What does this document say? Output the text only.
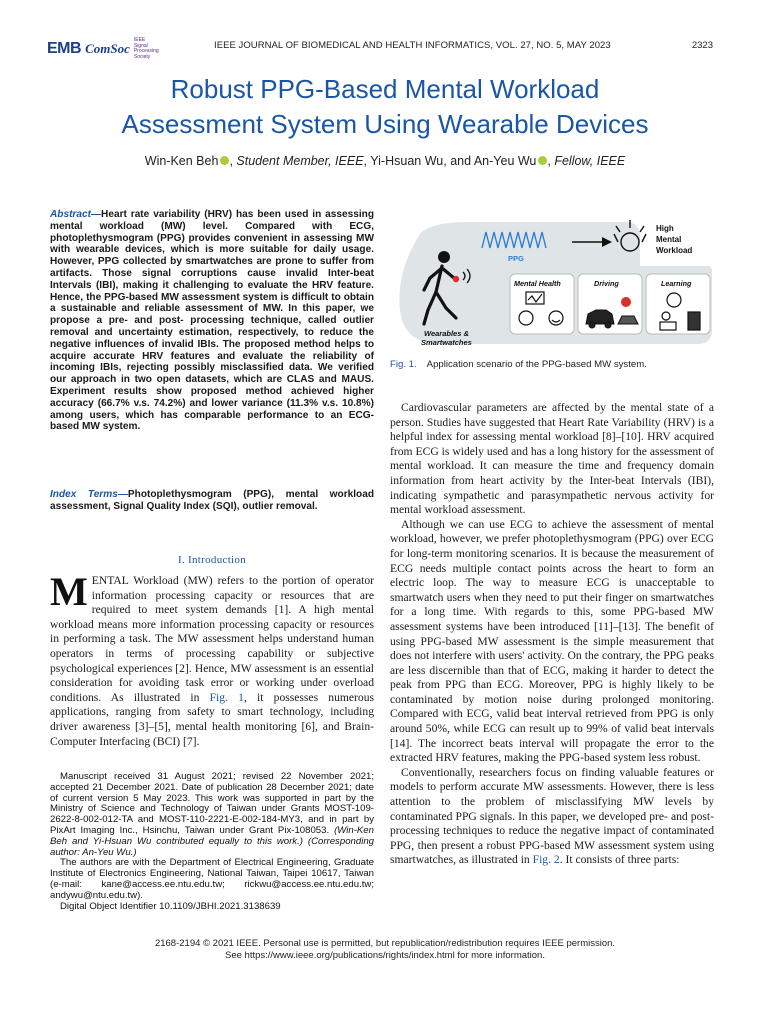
EMB ComSoc
IEEE Signal Processing Society
IEEE JOURNAL OF BIOMEDICAL AND HEALTH INFORMATICS, VOL. 27, NO. 5, MAY 2023	2323
Robust PPG-Based Mental Workload
Assessment System Using Wearable Devices
Win-Ken Beh , Student Member, IEEE, Yi-Hsuan Wu, and An-Yeu Wu , Fellow, IEEE
Abstract—Heart rate variability (HRV) has been used in assessing mental workload (MW) level. Compared with ECG, photoplethysmogram (PPG) provides convenient in assessing MW with wearable devices, which is more suitable for daily usage. However, PPG collected by smartwatches are prone to suffer from artifacts. Those signal corruptions cause invalid Inter-beat Intervals (IBI), making it challenging to evaluate the HRV feature. Hence, the PPG-based MW assessment system is difficult to obtain a sustainable and reliable assessment of MW. In this paper, we propose a pre- and post- processing technique, called outlier removal and uncertainty estimation, respectively, to reduce the negative influences of invalid IBIs. The proposed method helps to acquire accurate HRV features and evaluate the reliability of incoming IBIs, rejecting possibly misclassified data. We verified our approach in two open datasets, which are CLAS and MAUS. Experiment results show proposed method achieved higher accuracy (66.7% v.s. 74.2%) and lower variance (11.3% v.s. 10.8%) among users, which has comparable performance to an ECG-based MW system.
Index Terms—Photoplethysmogram (PPG), mental workload assessment, Signal Quality Index (SQI), outlier removal.
I. Introduction
MENTAL Workload (MW) refers to the portion of operator information processing capacity or resources that are required to meet system demands [1]. A high mental workload means more information processing capacity or resources in performing a task. The MW assessment helps understand human operators in terms of processing capability or subjective psychological experiences [2]. Hence, MW assessment is an essential consideration for avoiding task error or working under overload conditions. As illustrated in Fig. 1, it possesses numerous applications, ranging from safety to smart technology, including driver awareness [3]–[5], mental health monitoring [6], and Brain-Computer Interfacing (BCI) [7].

Manuscript received 31 August 2021; revised 22 November 2021; accepted 21 December 2021. Date of publication 28 December 2021; date of current version 5 May 2023. This work was supported in part by the Ministry of Science and Technology of Taiwan under Grants MOST-109-2622-8-002-012-TA and MOST-110-2221-E-002-184-MY3, and in part by PixArt Imaging Inc., Hsinchu, Taiwan under Grant Pix-108053. (Win-Ken Beh and Yi-Hsuan Wu contributed equally to this work.) (Corresponding author: An-Yeu Wu.)

The authors are with the Department of Electrical Engineering, Graduate Institute of Electronics Engineering, National Taiwan, Taipei 10617, Taiwan (e-mail: kane@access.ee.ntu.edu.tw; rickwu@access.ee.ntu.edu.tw; andywu@ntu.edu.tw).

Digital Object Identifier 10.1109/JBHI.2021.3138639

Wearables &
Smartwatches
PPG
High
Mental
Workload
Mental Health	Driving	Learning
Fig. 1. Application scenario of the PPG-based MW system.

Cardiovascular parameters are affected by the mental state of a person. Studies have suggested that Heart Rate Variability (HRV) is a helpful index for assessing mental workload [8]–[10]. HRV acquired from ECG is widely used and has a long history for the assessment of mental workload. It can measure the time and frequency domain information from heart activity by the Inter-beat Intervals (IBI), indicating sympathetic and parasympathetic nervous activity for mental workload assessment.

Although we can use ECG to achieve the assessment of mental workload, however, we prefer photoplethysmogram (PPG) over ECG for long-term monitoring scenarios. It is because the measurement of ECG needs multiple contact points across the heart to form an electric loop. The way to measure ECG is unacceptable to smartwatch users when they need to put their finger on smartwatches for a long time. With regards to this, some PPG-based MW assessment systems have been introduced [11]–[13]. The benefit of using PPG-based MW assessment is the simple measurement that does not interfere with users' activity. On the contrary, the PPG peaks are less discernible than that of ECG, making it harder to detect the peak from PPG than ECG. Moreover, PPG is highly likely to be contaminated by motion noise during prolonged monitoring. Compared with ECG, valid beat interval retrieved from PPG is only around 50%, while ECG can result up to 99% of valid beat intervals [14]. The incorrect beats interval will propagate the error to the extracted HRV features, making the PPG-based system less robust.

Conventionally, researchers focus on finding valuable features or models to perform accurate MW assessments. However, there is less attention to the problem of misclassifying MW levels by contaminated PPG signals. In this paper, we developed pre- and post-processing techniques to reduce the negative impact of contaminated PPG, then present a robust PPG-based MW assessment system using smartwatches, as illustrated in Fig. 2. It consists of three parts:

2168-2194 © 2021 IEEE. Personal use is permitted, but republication/redistribution requires IEEE permission.
See https://www.ieee.org/publications/rights/index.html for more information.
